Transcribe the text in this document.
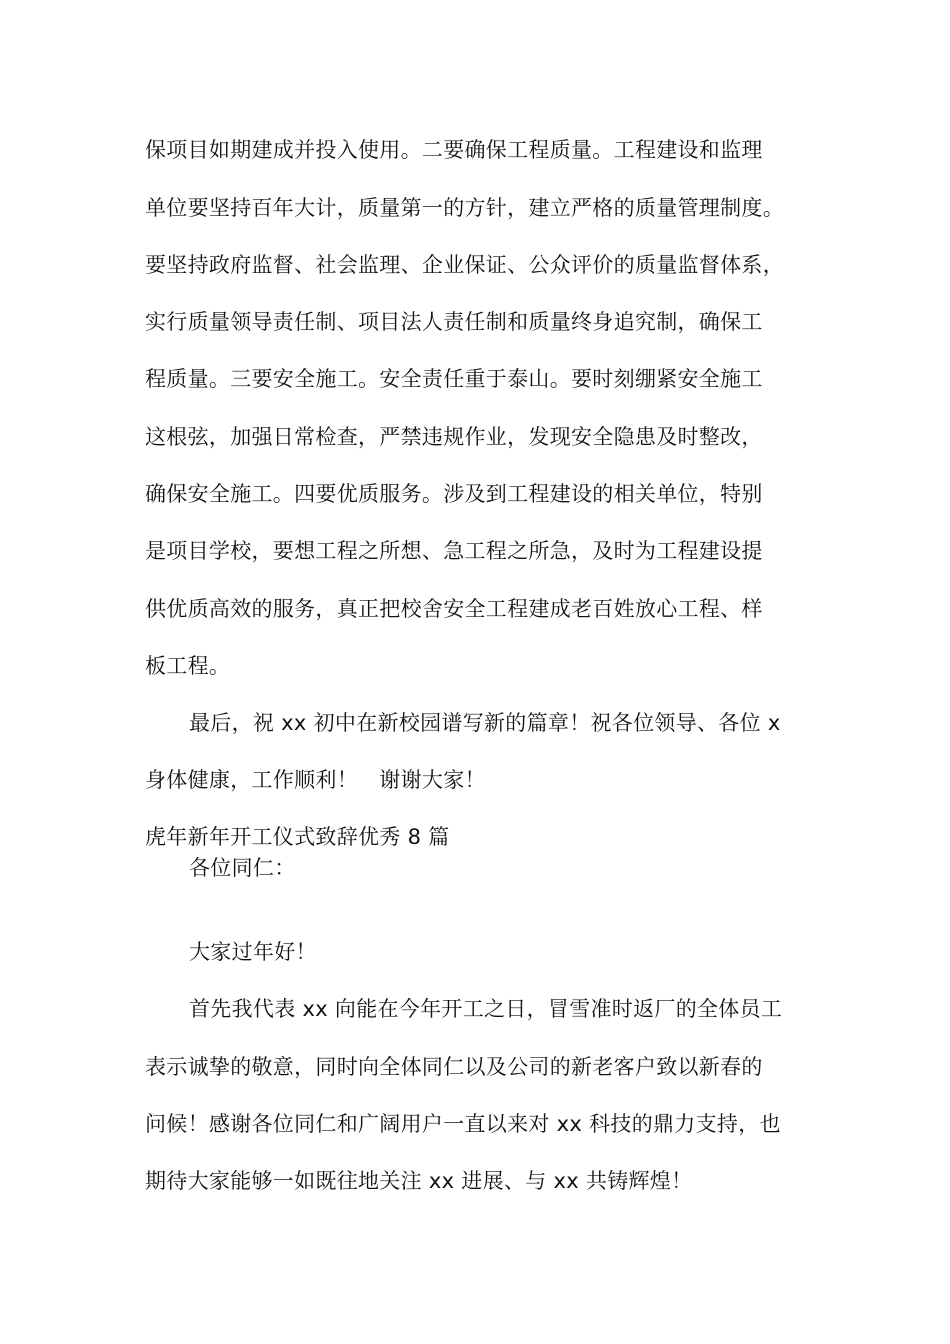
保项目如期建成并投入使用。二要确保工程质量。工程建设和监理
单位要坚持百年大计，质量第一的方针，建立严格的质量管理制度。
要坚持政府监督、社会监理、企业保证、公众评价的质量监督体系，
实行质量领导责任制、项目法人责任制和质量终身追究制，确保工
程质量。三要安全施工。安全责任重于泰山。要时刻绷紧安全施工
这根弦，加强日常检查，严禁违规作业，发现安全隐患及时整改，
确保安全施工。四要优质服务。涉及到工程建设的相关单位，特别
是项目学校，要想工程之所想、急工程之所急，及时为工程建设提
供优质高效的服务，真正把校舍安全工程建成老百姓放心工程、样
板工程。
最后，祝 xx 初中在新校园谱写新的篇章！祝各位领导、各位 x
身体健康，工作顺利！　谢谢大家！
虎年新年开工仪式致辞优秀 8 篇
各位同仁：
大家过年好！
首先我代表 xx 向能在今年开工之日，冒雪准时返厂的全体员工
表示诚挚的敬意，同时向全体同仁以及公司的新老客户致以新春的
问候！感谢各位同仁和广阔用户一直以来对 xx 科技的鼎力支持，也
期待大家能够一如既往地关注 xx 进展、与 xx 共铸辉煌！
